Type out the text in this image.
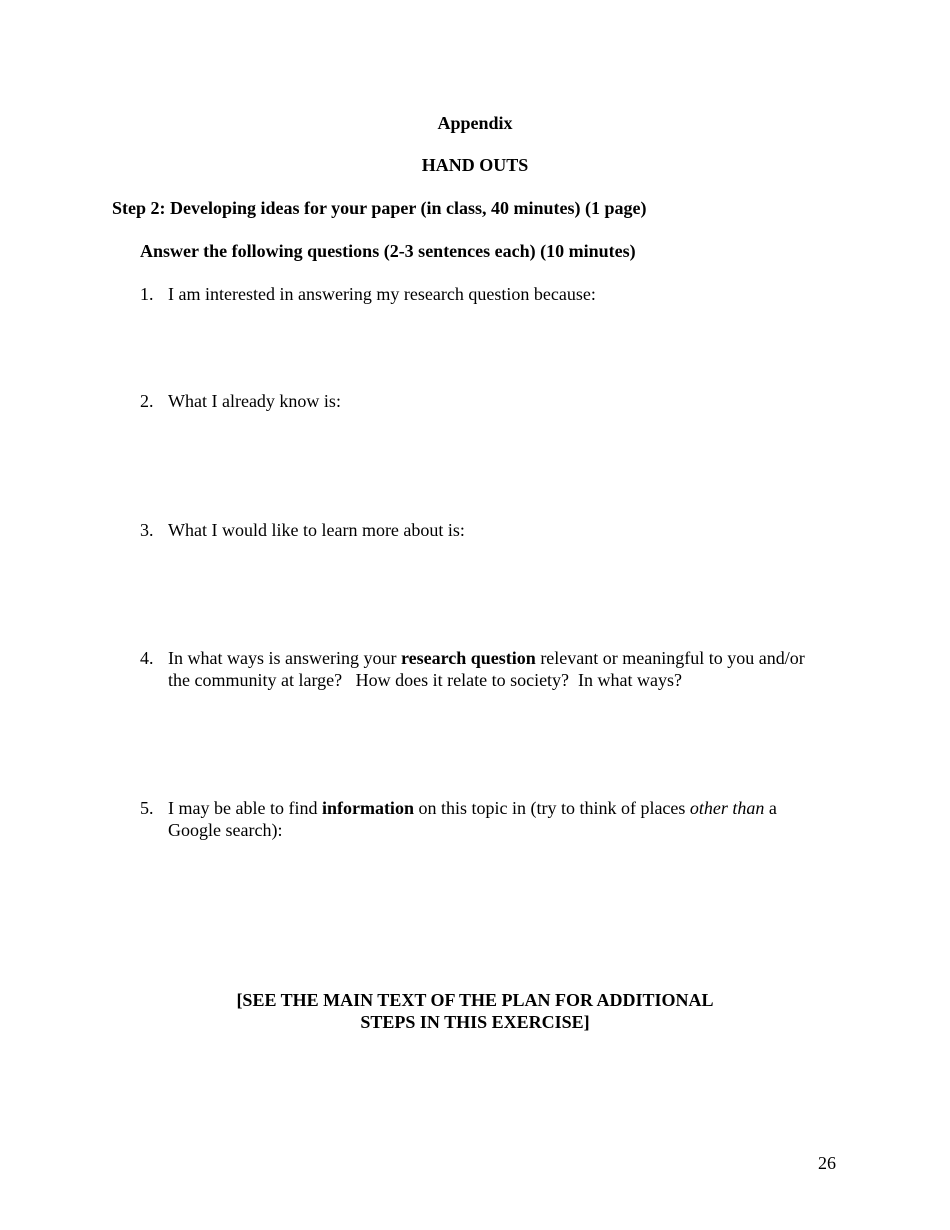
Appendix
HAND OUTS

Step 2: Developing ideas for your paper (in class, 40 minutes) (1 page)

Answer the following questions (2-3 sentences each) (10 minutes)

1. I am interested in answering my research question because:
2. What I already know is:
3. What I would like to learn more about is:
4. In what ways is answering your research question relevant or meaningful to you and/or
the community at large?   How does it relate to society?  In what ways?
5. I may be able to find information on this topic in (try to think of places other than a
Google search):
[SEE THE MAIN TEXT OF THE PLAN FOR ADDITIONAL
STEPS IN THIS EXERCISE]
26
